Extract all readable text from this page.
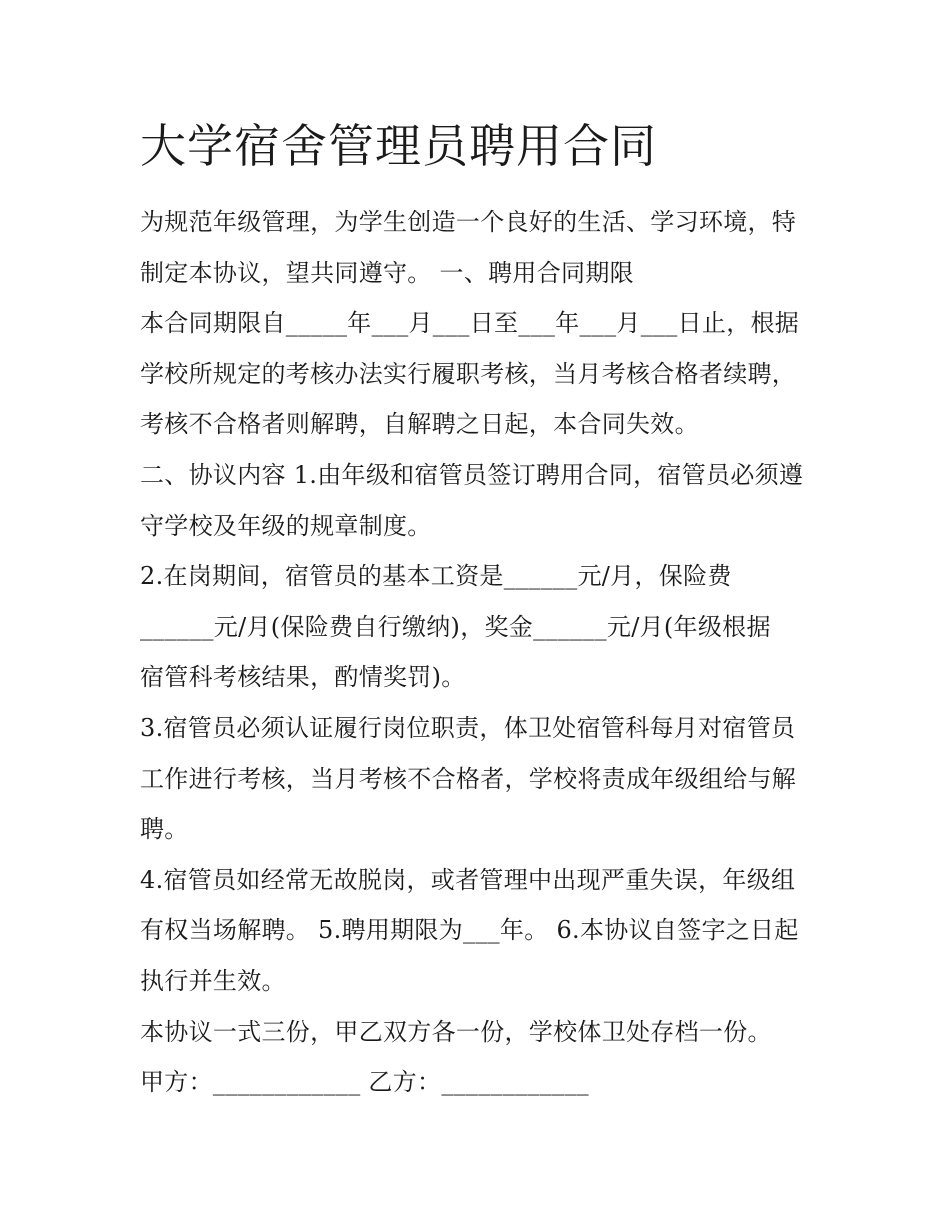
大学宿舍管理员聘用合同
为规范年级管理，为学生创造一个良好的生活、学习环境，特
制定本协议，望共同遵守。 一、聘用合同期限
本合同期限自_____年___月___日至___年___月___日止，根据
学校所规定的考核办法实行履职考核，当月考核合格者续聘，
考核不合格者则解聘，自解聘之日起，本合同失效。
二、协议内容 1.由年级和宿管员签订聘用合同，宿管员必须遵
守学校及年级的规章制度。
2.在岗期间，宿管员的基本工资是______元/月，保险费
______元/月(保险费自行缴纳)，奖金______元/月(年级根据
宿管科考核结果，酌情奖罚)。
3.宿管员必须认证履行岗位职责，体卫处宿管科每月对宿管员
工作进行考核，当月考核不合格者，学校将责成年级组给与解
聘。
4.宿管员如经常无故脱岗，或者管理中出现严重失误，年级组
有权当场解聘。 5.聘用期限为___年。 6.本协议自签字之日起
执行并生效。
本协议一式三份，甲乙双方各一份，学校体卫处存档一份。
甲方：____________ 乙方：____________
